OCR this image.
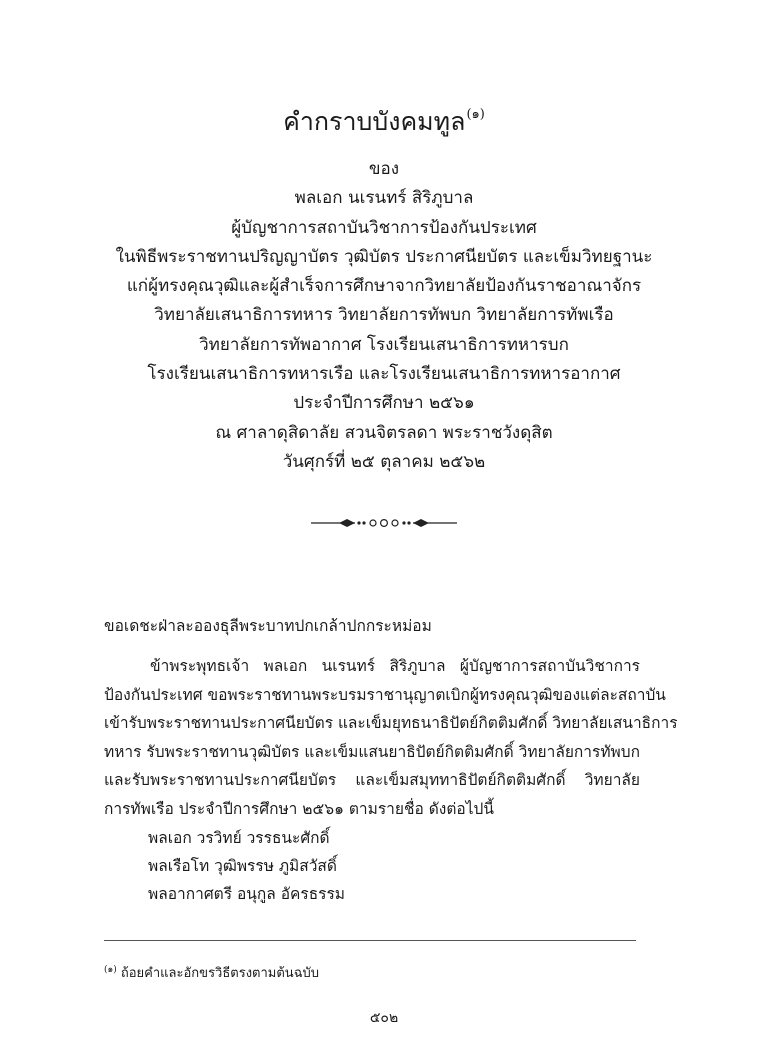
คำกราบบังคมทูล$^{(๑)}$
ของ
พลเอก นเรนทร์ สิริภูบาล
ผู้บัญชาการสถาบันวิชาการป้องกันประเทศ
ในพิธีพระราชทานปริญญาบัตร วุฒิบัตร ประกาศนียบัตร และเข็มวิทยฐานะ
แก่ผู้ทรงคุณวุฒิและผู้สำเร็จการศึกษาจากวิทยาลัยป้องกันราชอาณาจักร
วิทยาลัยเสนาธิการทหาร วิทยาลัยการทัพบก วิทยาลัยการทัพเรือ
วิทยาลัยการทัพอากาศ โรงเรียนเสนาธิการทหารบก
โรงเรียนเสนาธิการทหารเรือ และโรงเรียนเสนาธิการทหารอากาศ
ประจำปีการศึกษา ๒๕๖๑
ณ ศาลาดุสิดาลัย สวนจิตรลดา พระราชวังดุสิต
วันศุกร์ที่ ๒๕ ตุลาคม ๒๕๖๒
ขอเดชะฝ่าละอองธุลีพระบาทปกเกล้าปกกระหม่อม
ข้าพระพุทธเจ้า พลเอก นเรนทร์ สิริภูบาล ผู้บัญชาการสถาบันวิชาการ
ป้องกันประเทศ ขอพระราชทานพระบรมราชานุญาตเบิกผู้ทรงคุณวุฒิของแต่ละสถาบัน
เข้ารับพระราชทานประกาศนียบัตร และเข็มยุทธนาธิปัตย์กิตติมศักดิ์ วิทยาลัยเสนาธิการ
ทหาร รับพระราชทานวุฒิบัตร และเข็มแสนยาธิปัตย์กิตติมศักดิ์ วิทยาลัยการทัพบก
และรับพระราชทานประกาศนียบัตร และเข็มสมุททาธิปัตย์กิตติมศักดิ์ วิทยาลัย
การทัพเรือ ประจำปีการศึกษา ๒๕๖๑ ตามรายชื่อ ดังต่อไปนี้
พลเอก วรวิทย์ วรรธนะศักดิ์
พลเรือโท วุฒิพรรษ ภูมิสวัสดิ์
พลอากาศตรี อนุกูล อัครธรรม
$^{(๑)}$ ถ้อยคำและอักขรวิธีตรงตามต้นฉบับ
๕๐๒
